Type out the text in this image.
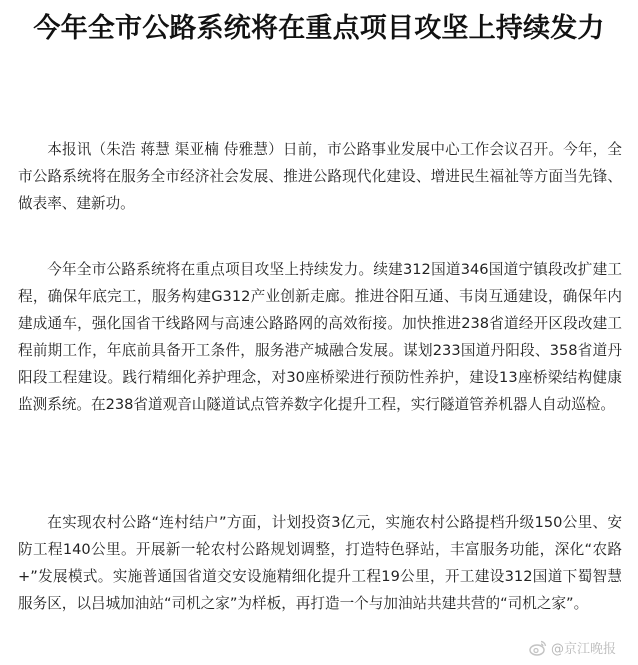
今年全市公路系统将在重点项目攻坚上持续发力

本报讯（朱浩 蒋慧 渠亚楠 侍雅慧）日前，市公路事业发展中心工作会议召开。今年，全市公路系统将在服务全市经济社会发展、推进公路现代化建设、增进民生福祉等方面当先锋、做表率、建新功。

今年全市公路系统将在重点项目攻坚上持续发力。续建312国道346国道宁镇段改扩建工程，确保年底完工，服务构建G312产业创新走廊。推进谷阳互通、韦岗互通建设，确保年内建成通车，强化国省干线路网与高速公路路网的高效衔接。加快推进238省道经开区段改建工程前期工作，年底前具备开工条件，服务港产城融合发展。谋划233国道丹阳段、358省道丹阳段工程建设。践行精细化养护理念，对30座桥梁进行预防性养护，建设13座桥梁结构健康监测系统。在238省道观音山隧道试点管养数字化提升工程，实行隧道管养机器人自动巡检。

在实现农村公路“连村结户”方面，计划投资3亿元，实施农村公路提档升级150公里、安防工程140公里。开展新一轮农村公路规划调整，打造特色驿站，丰富服务功能，深化“农路+”发展模式。实施普通国省道交安设施精细化提升工程19公里，开工建设312国道下蜀智慧服务区，以吕城加油站“司机之家”为样板，再打造一个与加油站共建共营的“司机之家”。

@京江晚报
